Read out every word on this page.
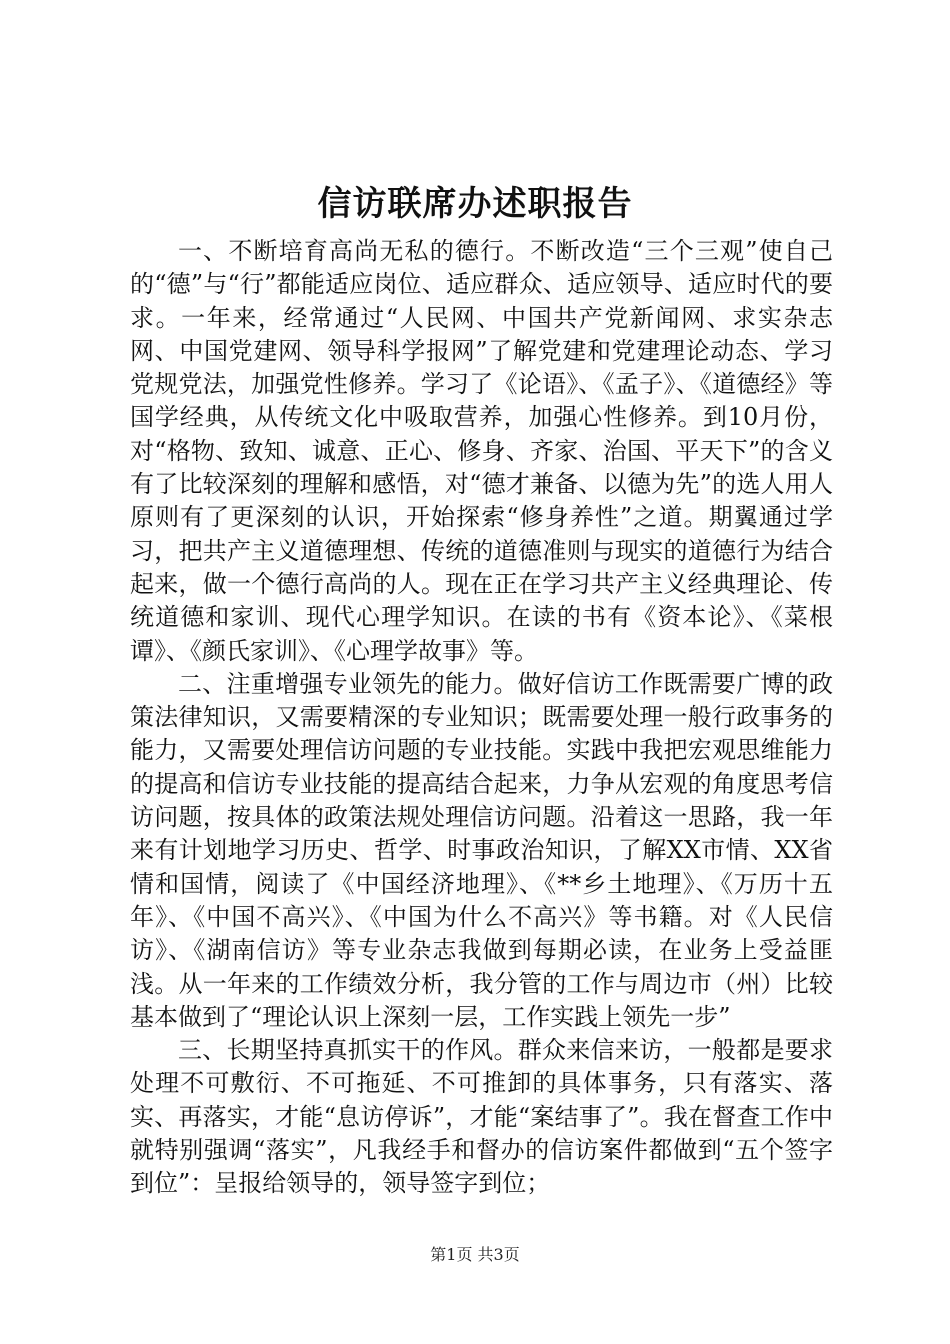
信访联席办述职报告

一、不断培育高尚无私的德行。不断改造“三个三观”使自己的“德”与“行”都能适应岗位、适应群众、适应领导、适应时代的要求。一年来，经常通过“人民网、中国共产党新闻网、求实杂志网、中国党建网、领导科学报网”了解党建和党建理论动态、学习党规党法，加强党性修养。学习了《论语》、《孟子》、《道德经》等国学经典，从传统文化中吸取营养，加强心性修养。到10月份，对“格物、致知、诚意、正心、修身、齐家、治国、平天下”的含义有了比较深刻的理解和感悟，对“德才兼备、以德为先”的选人用人原则有了更深刻的认识，开始探索“修身养性”之道。期翼通过学习，把共产主义道德理想、传统的道德准则与现实的道德行为结合起来，做一个德行高尚的人。现在正在学习共产主义经典理论、传统道德和家训、现代心理学知识。在读的书有《资本论》、《菜根谭》、《颜氏家训》、《心理学故事》等。

二、注重增强专业领先的能力。做好信访工作既需要广博的政策法律知识，又需要精深的专业知识；既需要处理一般行政事务的能力，又需要处理信访问题的专业技能。实践中我把宏观思维能力的提高和信访专业技能的提高结合起来，力争从宏观的角度思考信访问题，按具体的政策法规处理信访问题。沿着这一思路，我一年来有计划地学习历史、哲学、时事政治知识，了解XX市情、XX省情和国情，阅读了《中国经济地理》、《**乡土地理》、《万历十五年》、《中国不高兴》、《中国为什么不高兴》等书籍。对《人民信访》、《湖南信访》等专业杂志我做到每期必读，在业务上受益匪浅。从一年来的工作绩效分析，我分管的工作与周边市（州）比较基本做到了“理论认识上深刻一层，工作实践上领先一步”

三、长期坚持真抓实干的作风。群众来信来访，一般都是要求处理不可敷衍、不可拖延、不可推卸的具体事务，只有落实、落实、再落实，才能“息访停诉”，才能“案结事了”。我在督查工作中就特别强调“落实”，凡我经手和督办的信访案件都做到“五个签字到位”：呈报给领导的，领导签字到位；

第1页 共3页
